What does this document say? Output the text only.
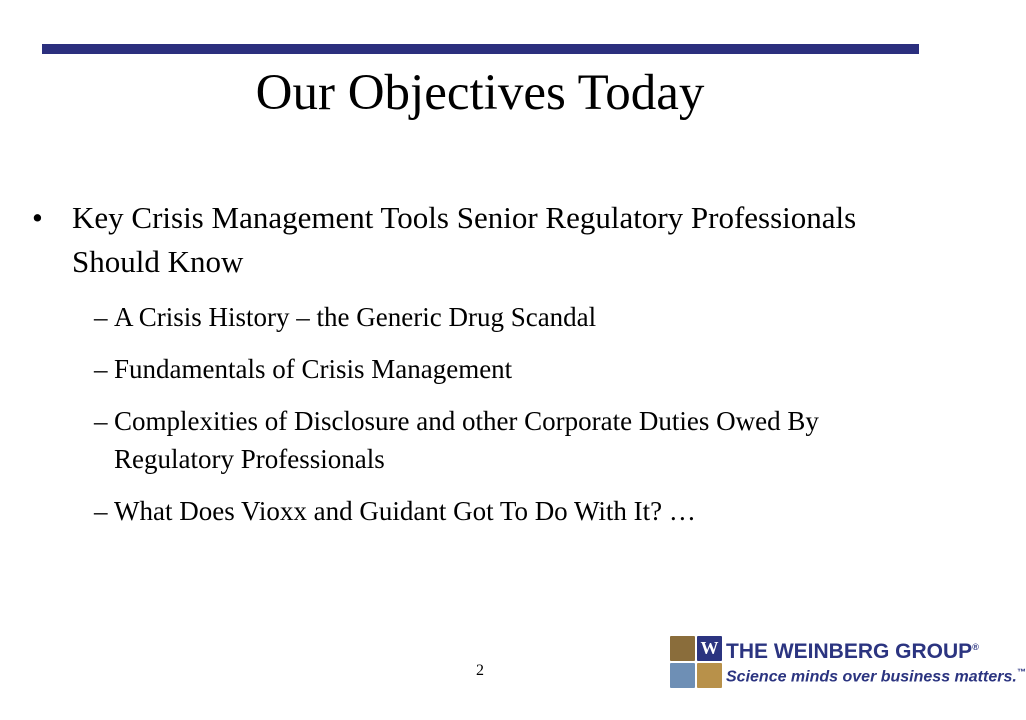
Our Objectives Today
• Key Crisis Management Tools Senior Regulatory Professionals Should Know
– A Crisis History – the Generic Drug Scandal
– Fundamentals of Crisis Management
– Complexities of Disclosure and other Corporate Duties Owed By Regulatory Professionals
– What Does Vioxx and Guidant Got To Do With It? …
2
W THE WEINBERG GROUP®
Science minds over business matters.™
